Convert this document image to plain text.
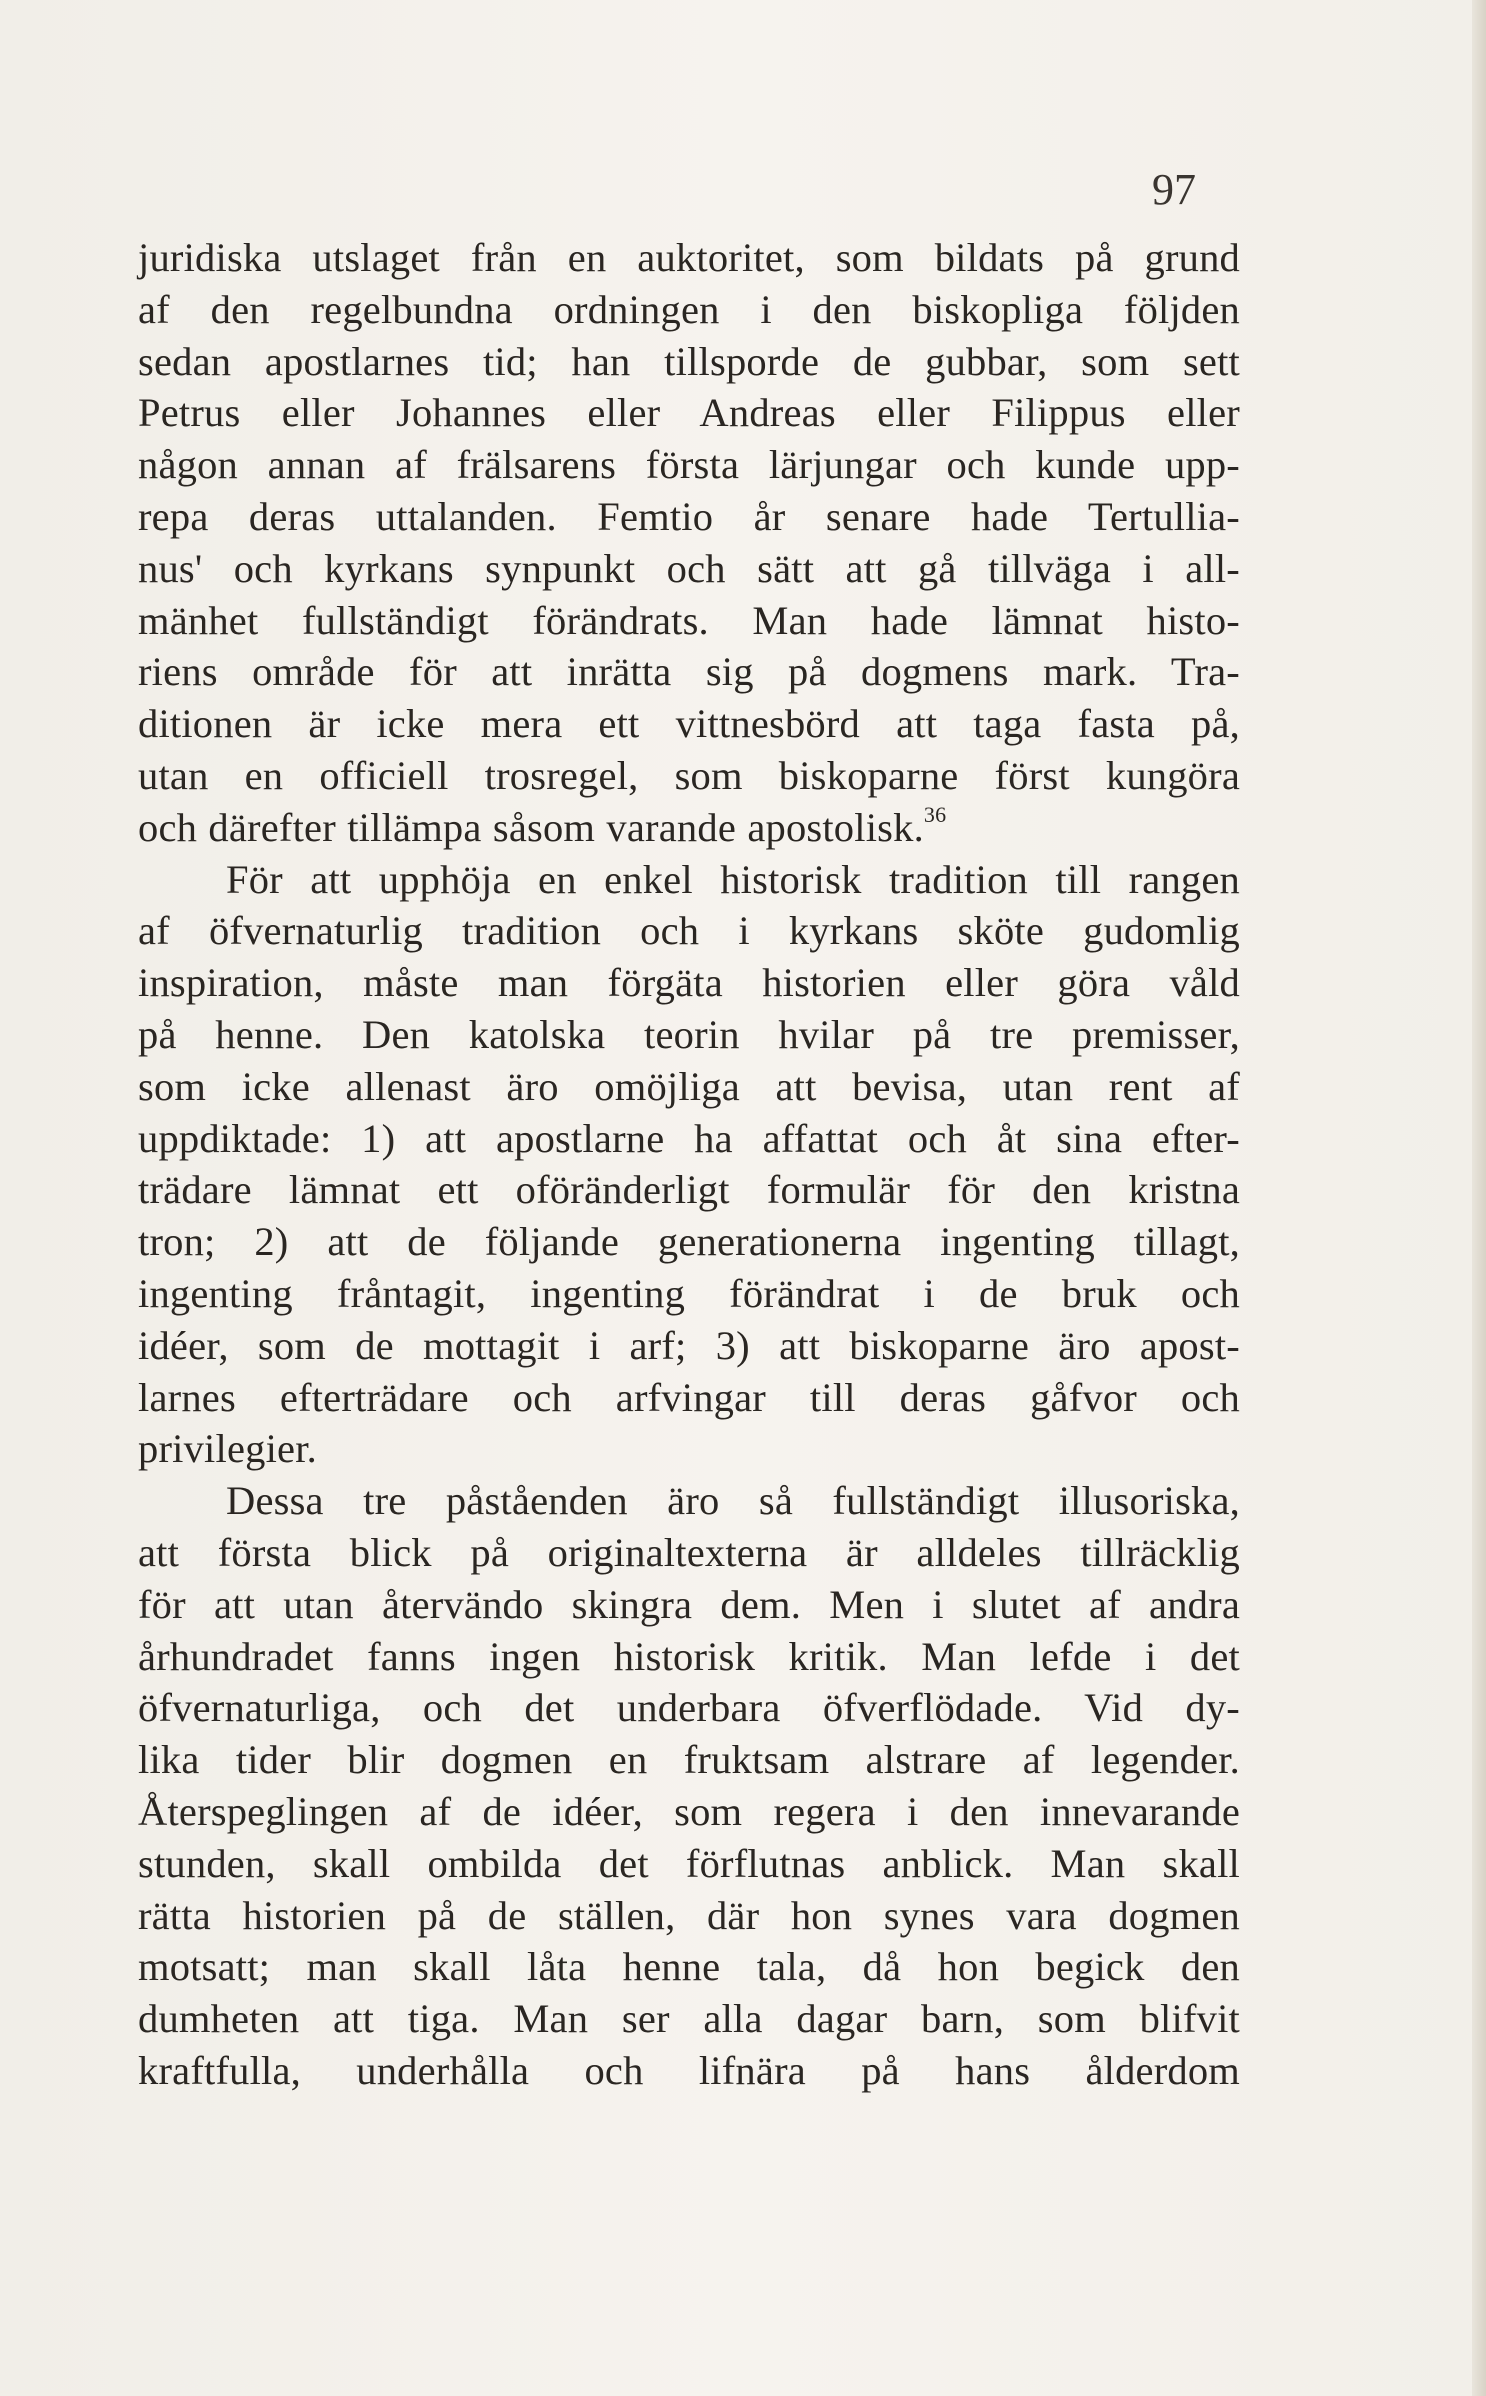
97

juridiska utslaget från en auktoritet, som bildats på grund
af den regelbundna ordningen i den biskopliga följden
sedan apostlarnes tid; han tillsporde de gubbar, som sett
Petrus eller Johannes eller Andreas eller Filippus eller
någon annan af frälsarens första lärjungar och kunde upp-
repa deras uttalanden. Femtio år senare hade Tertullia-
nus' och kyrkans synpunkt och sätt att gå tillväga i all-
mänhet fullständigt förändrats. Man hade lämnat histo-
riens område för att inrätta sig på dogmens mark. Tra-
ditionen är icke mera ett vittnesbörd att taga fasta på,
utan en officiell trosregel, som biskoparne först kungöra
och därefter tillämpa såsom varande apostolisk.$^{36}$

För att upphöja en enkel historisk tradition till rangen
af öfvernaturlig tradition och i kyrkans sköte gudomlig
inspiration, måste man förgäta historien eller göra våld
på henne. Den katolska teorin hvilar på tre premisser,
som icke allenast äro omöjliga att bevisa, utan rent af
uppdiktade: 1) att apostlarne ha affattat och åt sina efter-
trädare lämnat ett oföränderligt formulär för den kristna
tron; 2) att de följande generationerna ingenting tillagt,
ingenting fråntagit, ingenting förändrat i de bruk och
idéer, som de mottagit i arf; 3) att biskoparne äro apost-
larnes efterträdare och arfvingar till deras gåfvor och
privilegier.

Dessa tre påståenden äro så fullständigt illusoriska,
att första blick på originaltexterna är alldeles tillräcklig
för att utan återvändo skingra dem. Men i slutet af andra
århundradet fanns ingen historisk kritik. Man lefde i det
öfvernaturliga, och det underbara öfverflödade. Vid dy-
lika tider blir dogmen en fruktsam alstrare af legender.
Återspeglingen af de idéer, som regera i den innevarande
stunden, skall ombilda det förflutnas anblick. Man skall
rätta historien på de ställen, där hon synes vara dogmen
motsatt; man skall låta henne tala, då hon begick den
dumheten att tiga. Man ser alla dagar barn, som blifvit
kraftfulla, underhålla och lifnära på hans ålderdom
